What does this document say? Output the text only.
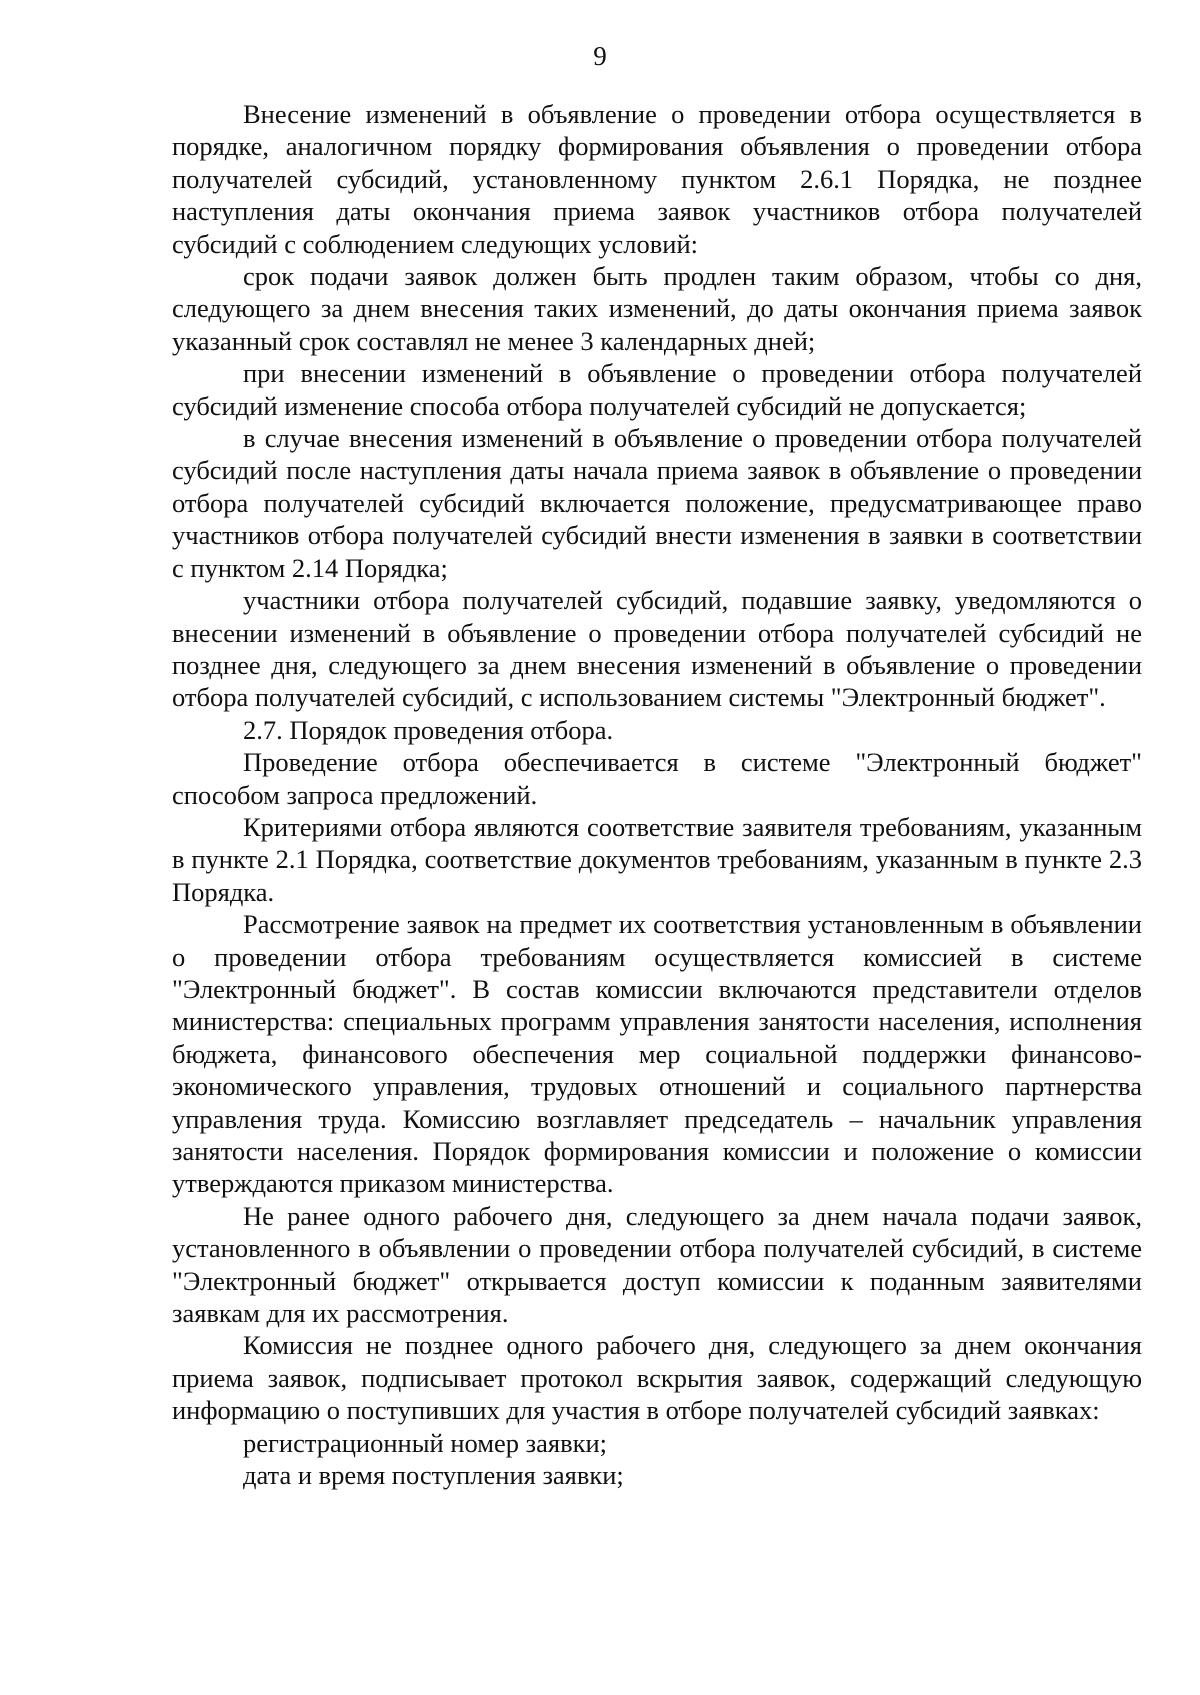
9

Внесение изменений в объявление о проведении отбора осуществляется в порядке, аналогичном порядку формирования объявления о проведении отбора получателей субсидий, установленному пунктом 2.6.1 Порядка, не позднее наступления даты окончания приема заявок участников отбора получателей субсидий с соблюдением следующих условий:

срок подачи заявок должен быть продлен таким образом, чтобы со дня, следующего за днем внесения таких изменений, до даты окончания приема заявок указанный срок составлял не менее 3 календарных дней;

при внесении изменений в объявление о проведении отбора получателей субсидий изменение способа отбора получателей субсидий не допускается;

в случае внесения изменений в объявление о проведении отбора получателей субсидий после наступления даты начала приема заявок в объявление о проведении отбора получателей субсидий включается положение, предусматривающее право участников отбора получателей субсидий внести изменения в заявки в соответствии с пунктом 2.14 Порядка;

участники отбора получателей субсидий, подавшие заявку, уведомляются о внесении изменений в объявление о проведении отбора получателей субсидий не позднее дня, следующего за днем внесения изменений в объявление о проведении отбора получателей субсидий, с использованием системы "Электронный бюджет".

2.7. Порядок проведения отбора.

Проведение отбора обеспечивается в системе "Электронный бюджет" способом запроса предложений.

Критериями отбора являются соответствие заявителя требованиям, указанным в пункте 2.1 Порядка, соответствие документов требованиям, указанным в пункте 2.3 Порядка.

Рассмотрение заявок на предмет их соответствия установленным в объявлении о проведении отбора требованиям осуществляется комиссией в системе "Электронный бюджет". В состав комиссии включаются представители отделов министерства: специальных программ управления занятости населения, исполнения бюджета, финансового обеспечения мер социальной поддержки финансово-экономического управления, трудовых отношений и социального партнерства управления труда. Комиссию возглавляет председатель – начальник управления занятости населения. Порядок формирования комиссии и положение о комиссии утверждаются приказом министерства.

Не ранее одного рабочего дня, следующего за днем начала подачи заявок, установленного в объявлении о проведении отбора получателей субсидий, в системе "Электронный бюджет" открывается доступ комиссии к поданным заявителями заявкам для их рассмотрения.

Комиссия не позднее одного рабочего дня, следующего за днем окончания приема заявок, подписывает протокол вскрытия заявок, содержащий следующую информацию о поступивших для участия в отборе получателей субсидий заявках:

регистрационный номер заявки;

дата и время поступления заявки;
